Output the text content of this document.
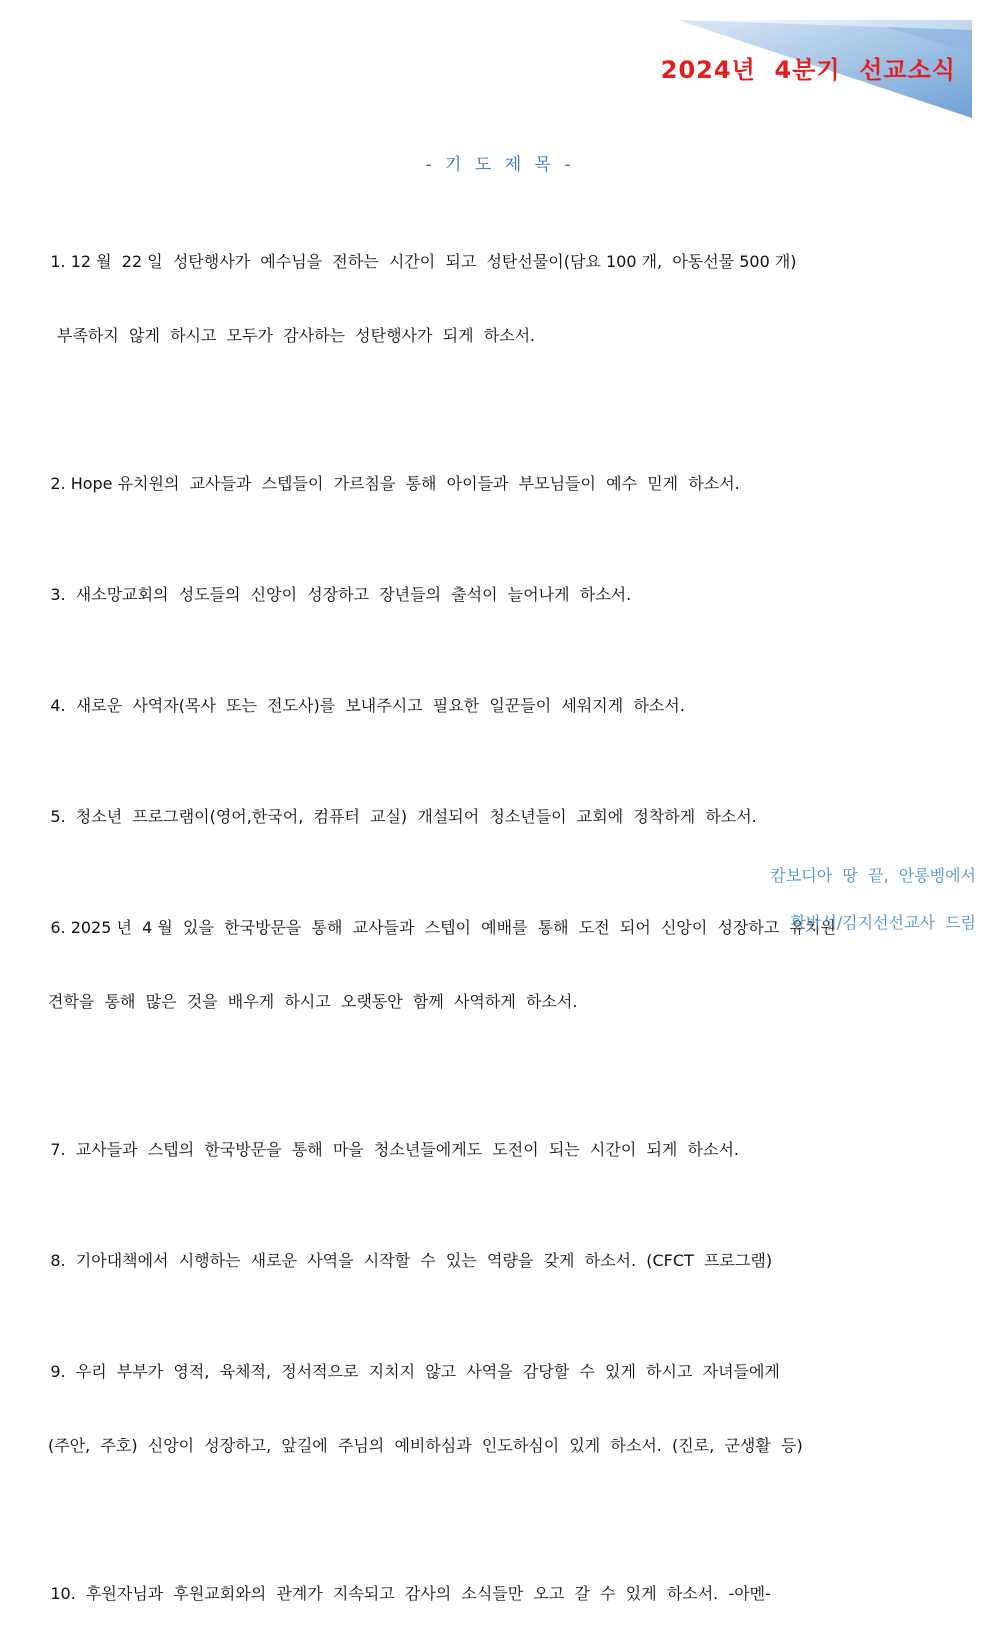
2024년  4분기  선교소식
- 기 도 제 목 -

1. 12 월  22 일  성탄행사가  예수님을  전하는  시간이  되고  성탄선물이(담요 100 개,  아동선물 500 개)

부족하지  않게  하시고  모두가  감사하는  성탄행사가  되게  하소서.

2. Hope 유치원의  교사들과  스텝들이  가르침을  통해  아이들과  부모님들이  예수  믿게  하소서.

3.  새소망교회의  성도들의  신앙이  성장하고  장년들의  출석이  늘어나게  하소서.

4.  새로운  사역자(목사  또는  전도사)를  보내주시고  필요한  일꾼들이  세워지게  하소서.

5.  청소년  프로그램이(영어,한국어,  컴퓨터  교실)  개설되어  청소년들이  교회에  정착하게  하소서.

6. 2025 년  4 월  있을  한국방문을  통해  교사들과  스텝이  예배를  통해  도전  되어  신앙이  성장하고  유치원

견학을  통해  많은  것을  배우게  하시고  오랫동안  함께  사역하게  하소서.

7.  교사들과  스텝의  한국방문을  통해  마을  청소년들에게도  도전이  되는  시간이  되게  하소서.

8.  기아대책에서  시행하는  새로운  사역을  시작할  수  있는  역량을  갖게  하소서.  (CFCT  프로그램)

9.  우리  부부가  영적,  육체적,  정서적으로  지치지  않고  사역을  감당할  수  있게  하시고  자녀들에게

(주안,  주호)  신앙이  성장하고,  앞길에  주님의  예비하심과  인도하심이  있게  하소서.  (진로,  군생활  등)

10.  후원자님과  후원교회와의  관계가  지속되고  감사의  소식들만  오고  갈  수  있게  하소서.  -아멘-

캄보디아  땅  끝,  안롱벵에서
황반석/김지선선교사  드림
